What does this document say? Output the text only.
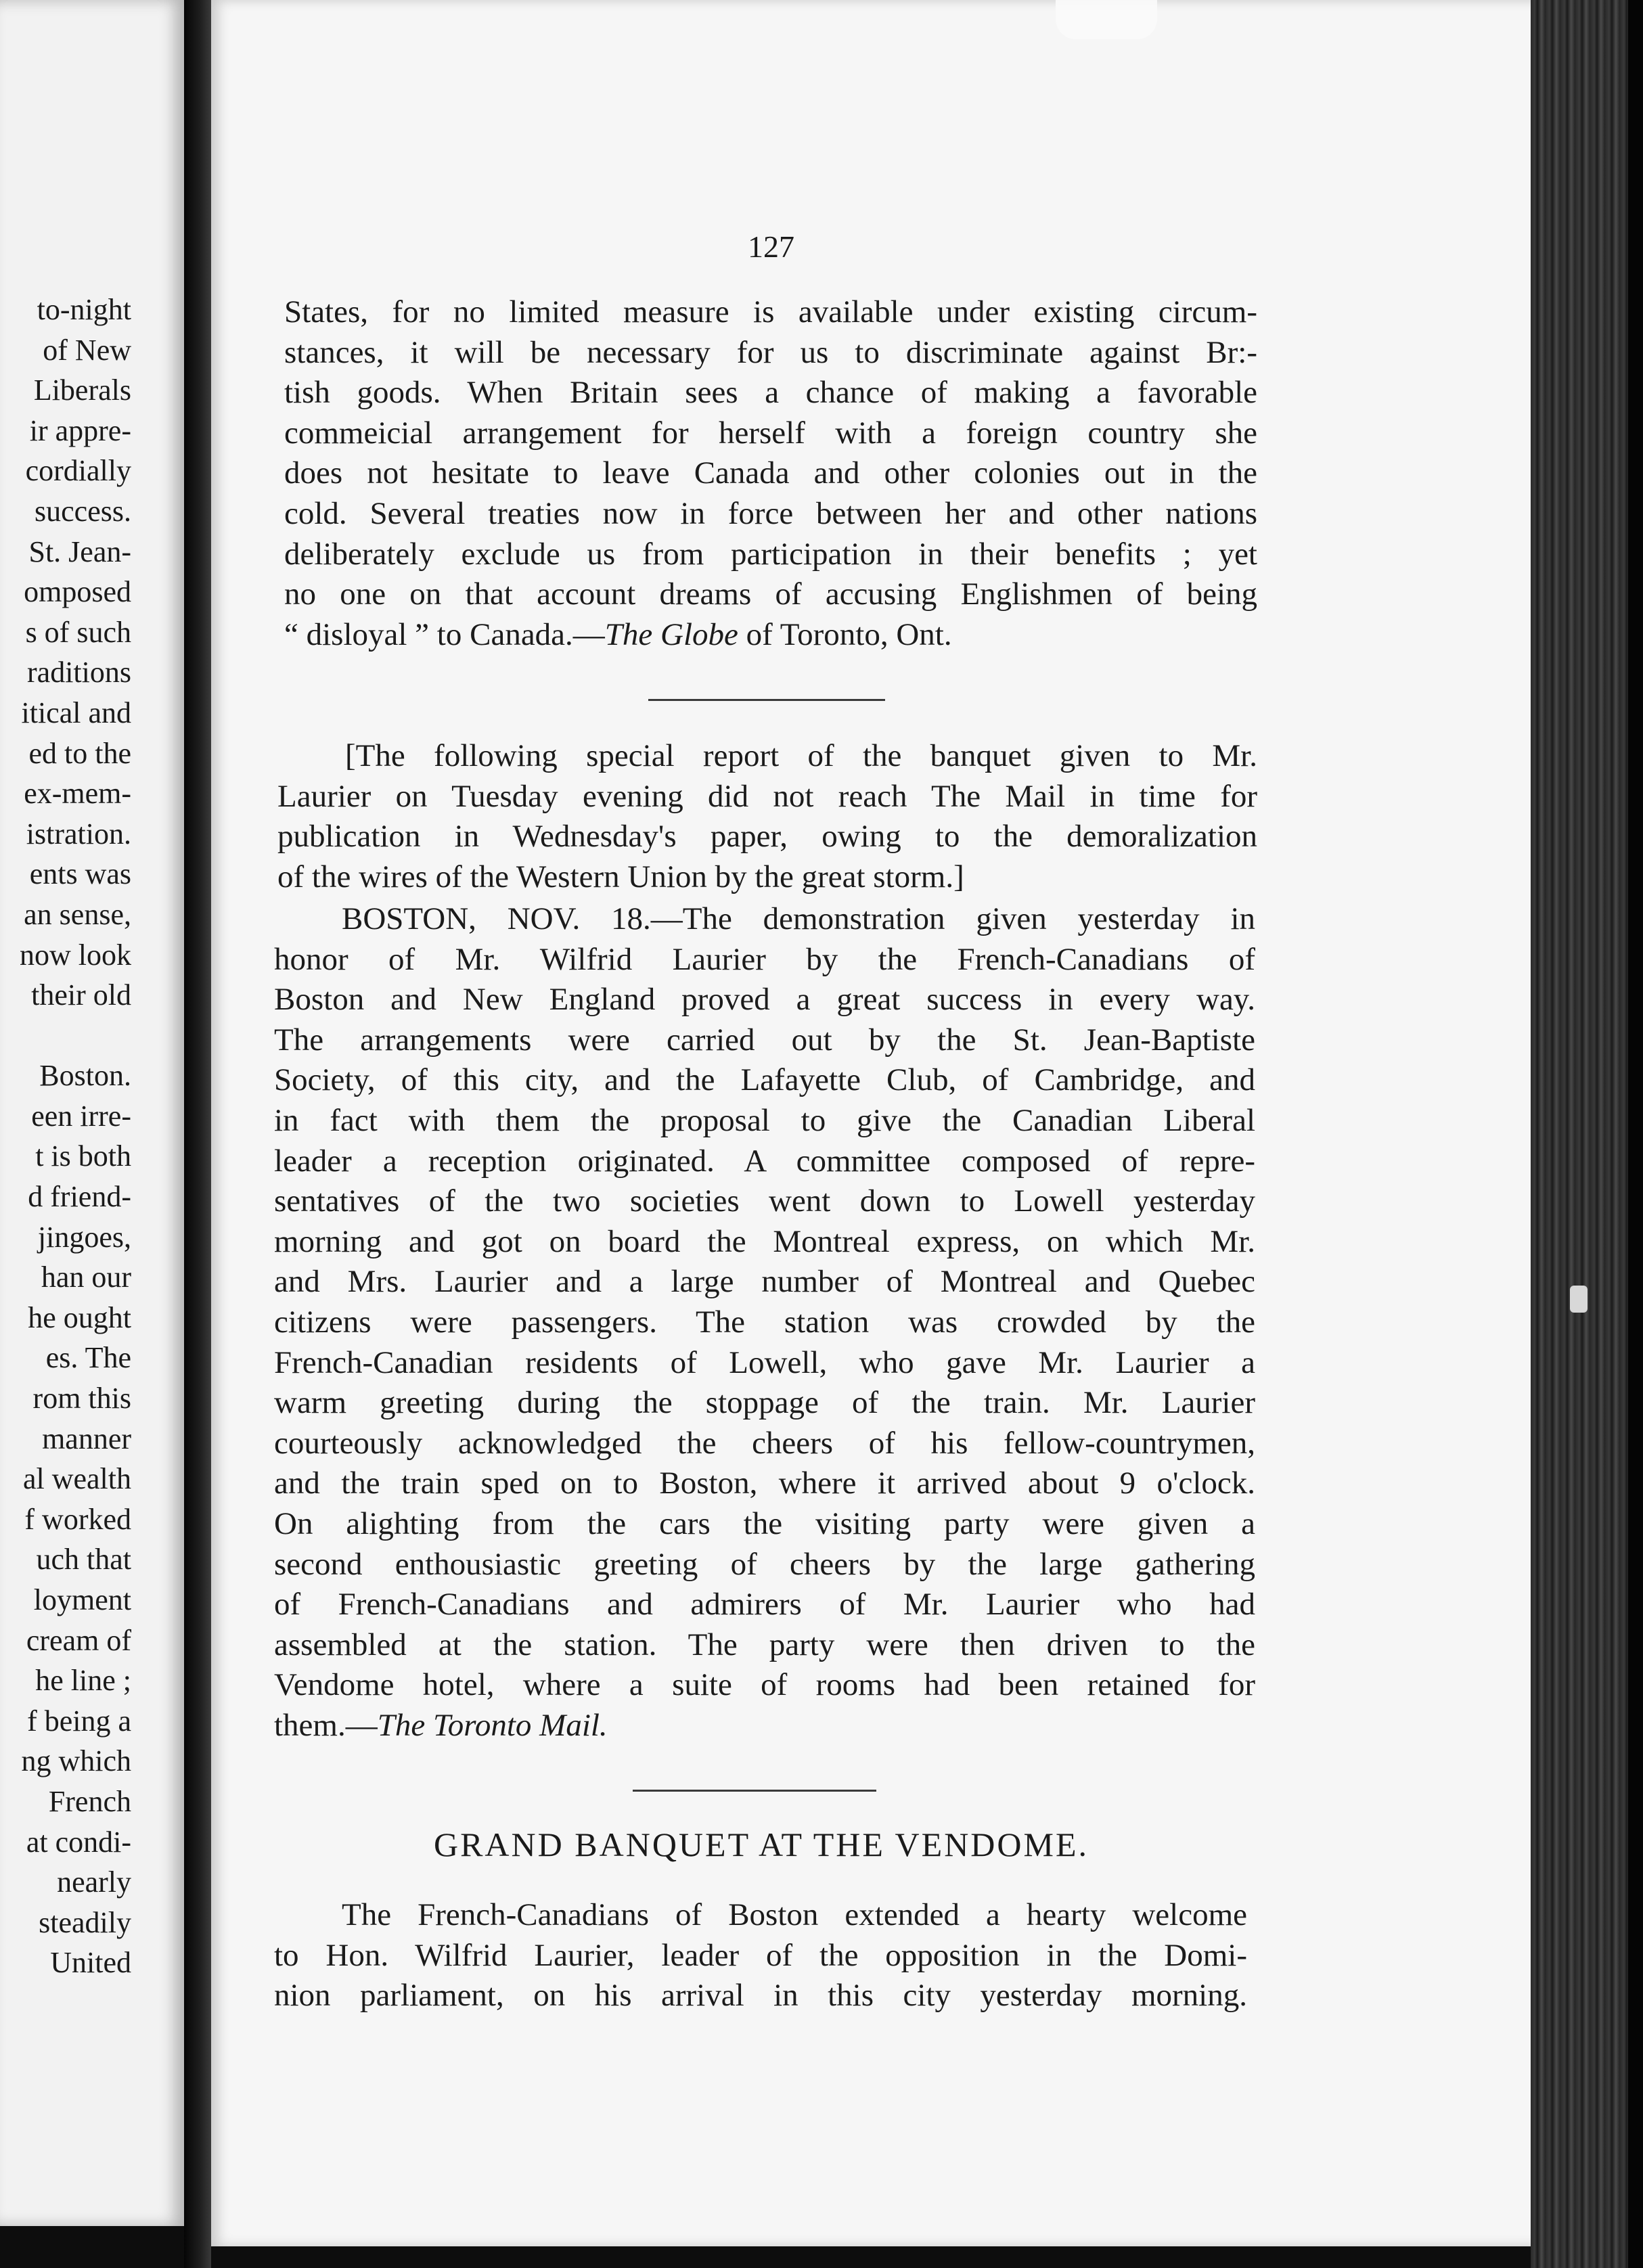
to-night
of New
Liberals
ir appre-
cordially
success.
St. Jean-
omposed
s of such
raditions
itical and
ed to the
ex-mem-
istration.
ents was
an sense,
now look
their old

Boston.
een irre-
t is both
d friend-
jingoes,
han our
he ought
es. The
rom this
manner
al wealth
f worked
uch that
loyment
cream of
he line ;
f being a
ng which
French
at condi-
nearly
steadily
United
127
States, for no limited measure is available under existing circum-
stances, it will be necessary for us to discriminate against Br:-
tish goods. When Britain sees a chance of making a favorable
commeicial arrangement for herself with a foreign country she
does not hesitate to leave Canada and other colonies out in the
cold. Several treaties now in force between her and other nations
deliberately exclude us from participation in their benefits ; yet
no one on that account dreams of accusing Englishmen of being
“ disloyal ” to Canada.—The Globe of Toronto, Ont.
[The following special report of the banquet given to Mr.
Laurier on Tuesday evening did not reach The Mail in time for
publication in Wednesday's paper, owing to the demoralization
of the wires of the Western Union by the great storm.]
BOSTON, NOV. 18.—The demonstration given yesterday in
honor of Mr. Wilfrid Laurier by the French-Canadians of
Boston and New England proved a great success in every way.
The arrangements were carried out by the St. Jean-Baptiste
Society, of this city, and the Lafayette Club, of Cambridge, and
in fact with them the proposal to give the Canadian Liberal
leader a reception originated. A committee composed of repre-
sentatives of the two societies went down to Lowell yesterday
morning and got on board the Montreal express, on which Mr.
and Mrs. Laurier and a large number of Montreal and Quebec
citizens were passengers. The station was crowded by the
French-Canadian residents of Lowell, who gave Mr. Laurier a
warm greeting during the stoppage of the train. Mr. Laurier
courteously acknowledged the cheers of his fellow-countrymen,
and the train sped on to Boston, where it arrived about 9 o'clock.
On alighting from the cars the visiting party were given a
second enthousiastic greeting of cheers by the large gathering
of French-Canadians and admirers of Mr. Laurier who had
assembled at the station. The party were then driven to the
Vendome hotel, where a suite of rooms had been retained for
them.—The Toronto Mail.
GRAND BANQUET AT THE VENDOME.
The French-Canadians of Boston extended a hearty welcome
to Hon. Wilfrid Laurier, leader of the opposition in the Domi-
nion parliament, on his arrival in this city yesterday morning.
